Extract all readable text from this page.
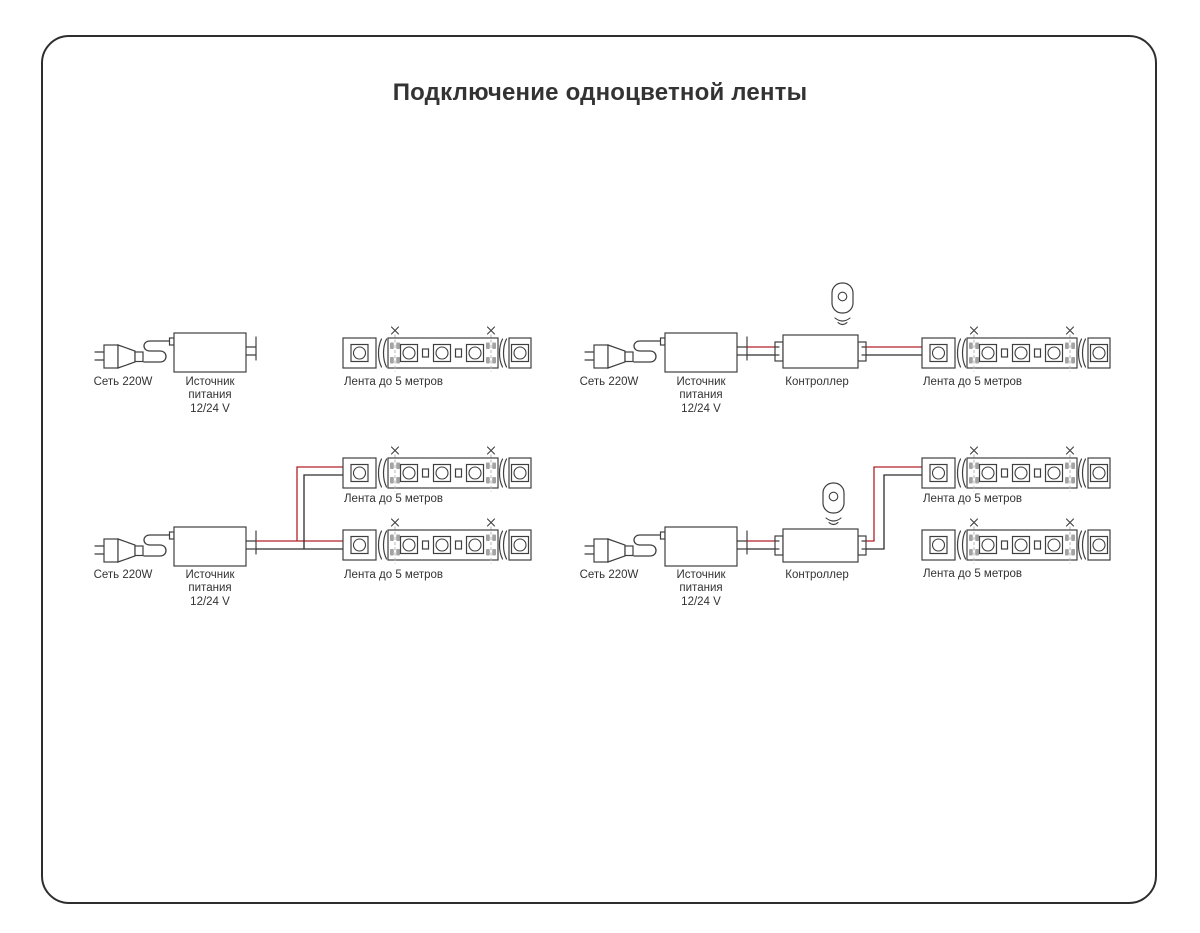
Подключение одноцветной ленты
Сеть 220W	Источник
питания
12/24 V
Лента до 5 метров	Сеть 220W	Источник
питания
12/24 V
Контроллер	Лента до 5 метров
Сеть 220W	Источник
питания
12/24 V
Лента до 5 метров
Лента до 5 метров	Сеть 220W	Источник
питания
12/24 V
Контроллер
Лента до 5 метров
Лента до 5 метров
